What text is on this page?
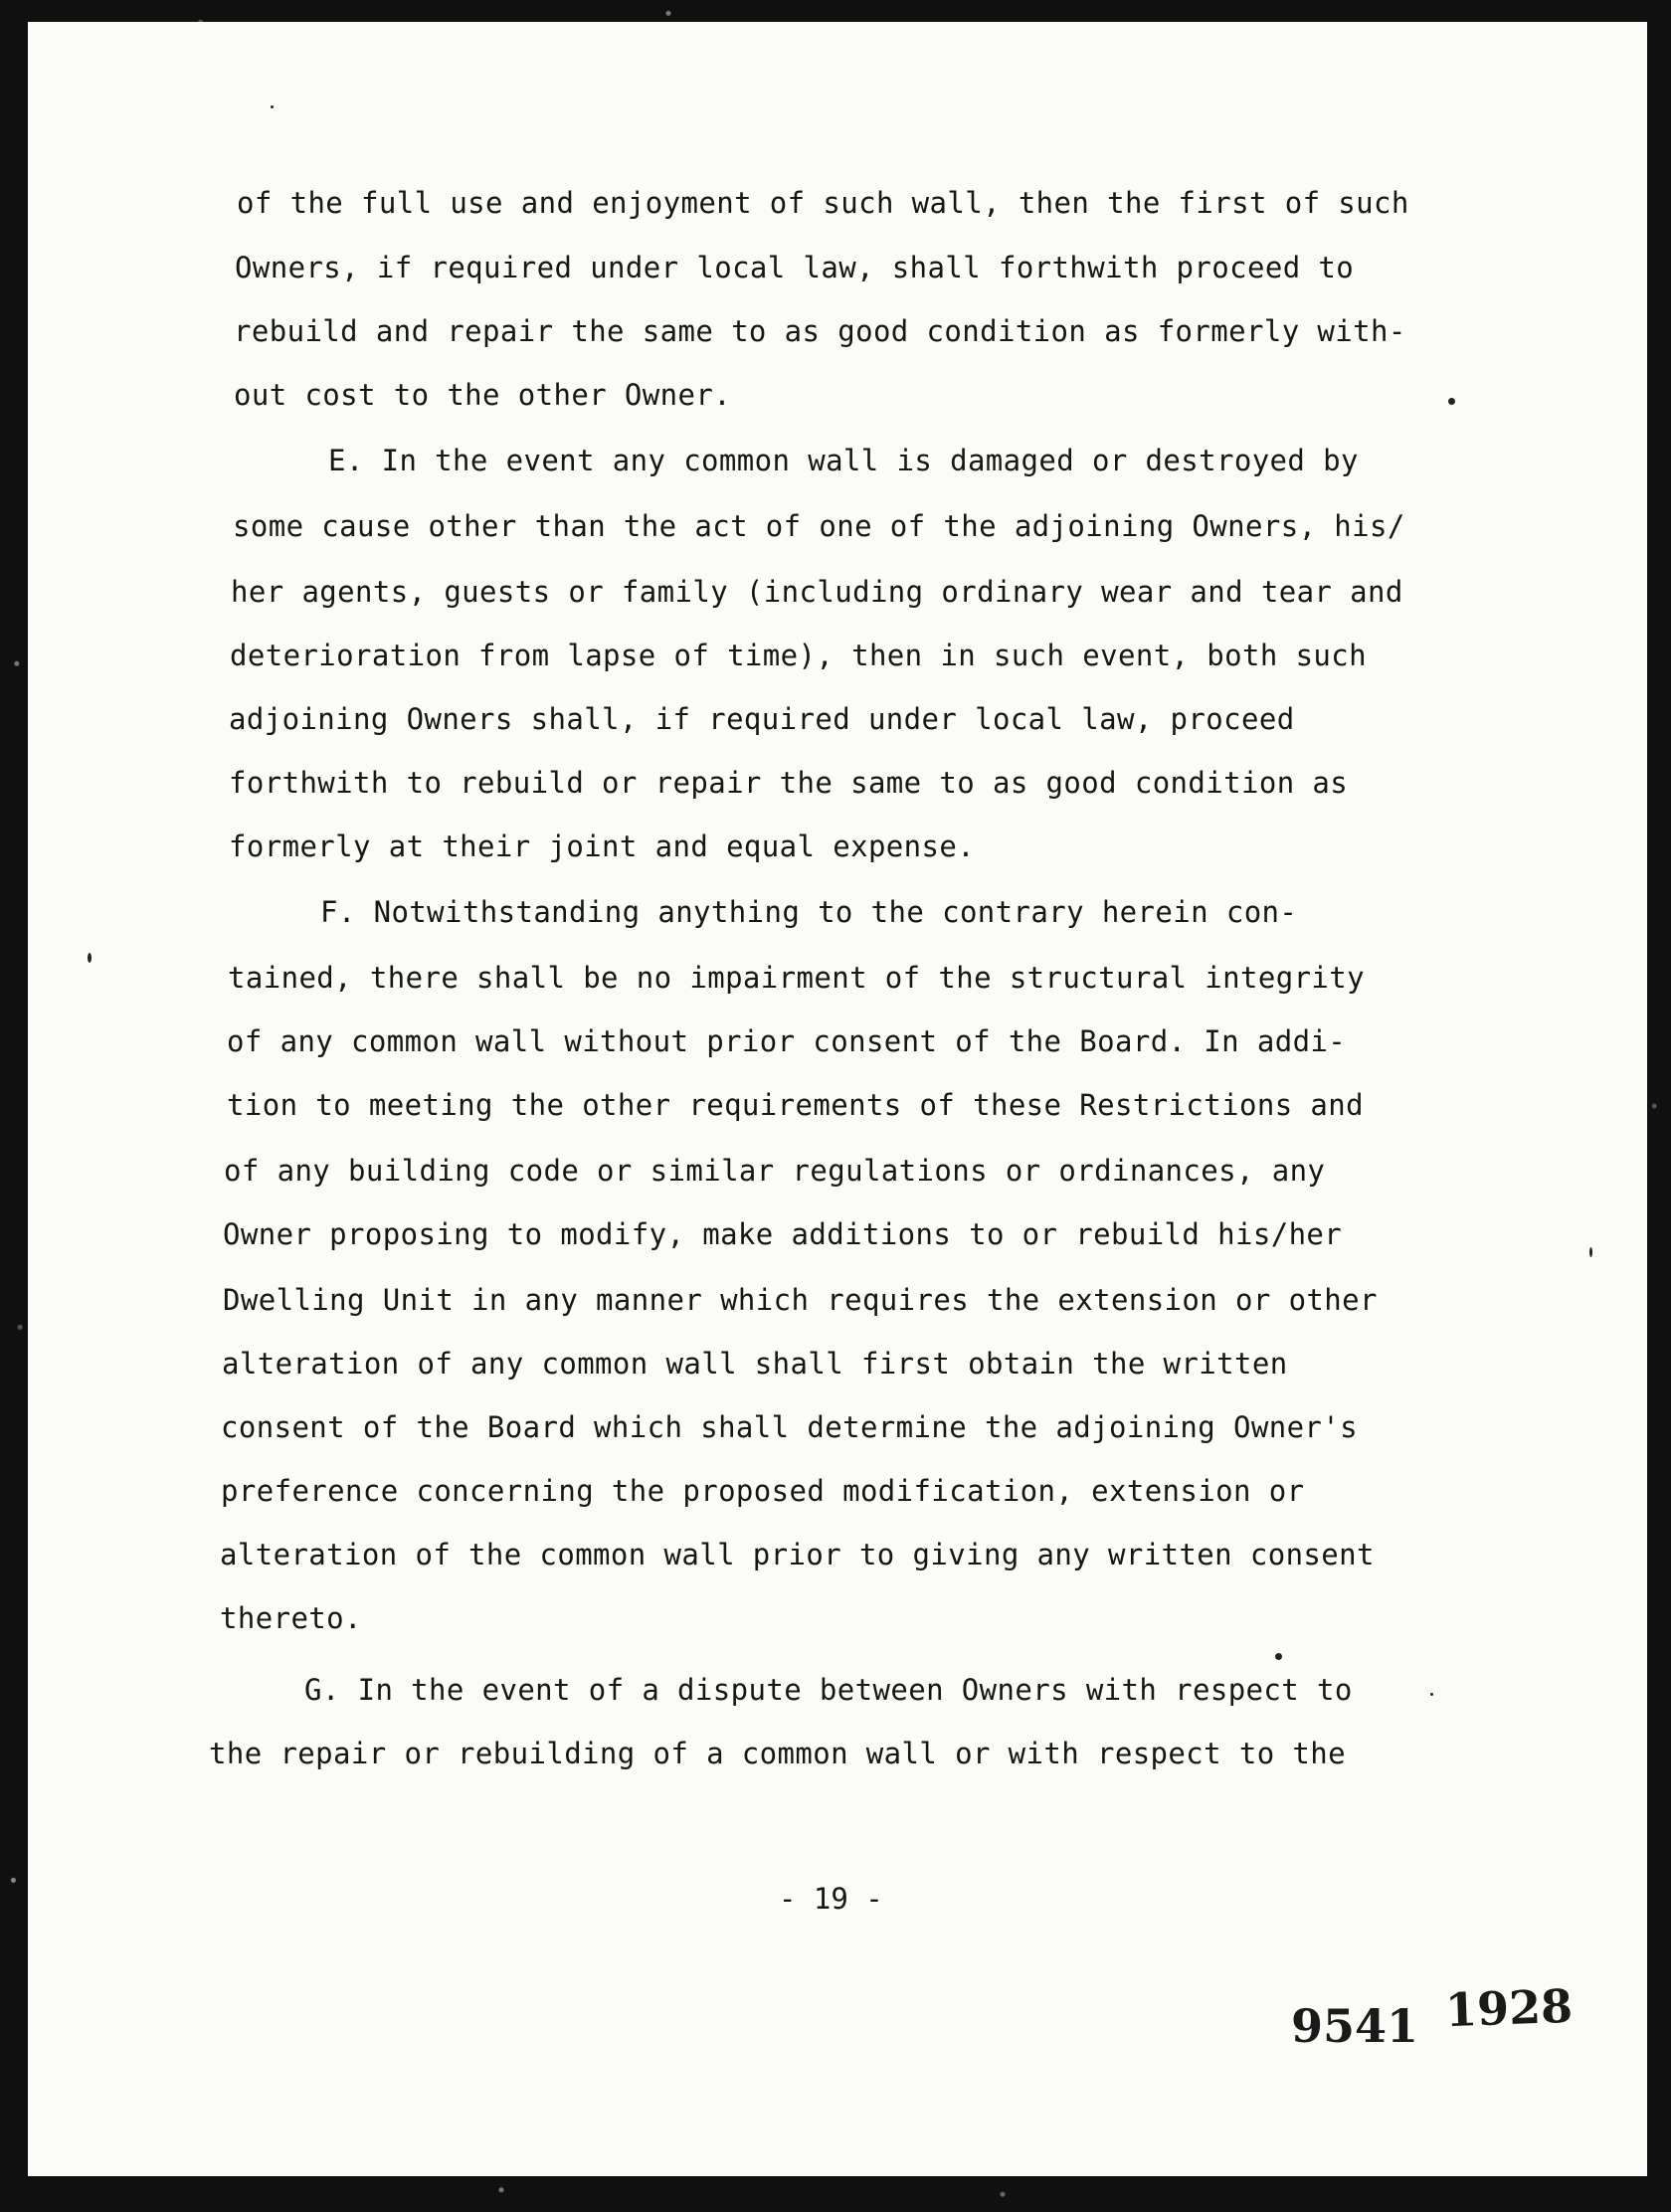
of the full use and enjoyment of such wall, then the first of such
Owners, if required under local law, shall forthwith proceed to
rebuild and repair the same to as good condition as formerly with-
out cost to the other Owner.
E. In the event any common wall is damaged or destroyed by
some cause other than the act of one of the adjoining Owners, his/
her agents, guests or family (including ordinary wear and tear and
deterioration from lapse of time), then in such event, both such
adjoining Owners shall, if required under local law, proceed
forthwith to rebuild or repair the same to as good condition as
formerly at their joint and equal expense.
F. Notwithstanding anything to the contrary herein con-
tained, there shall be no impairment of the structural integrity
of any common wall without prior consent of the Board. In addi-
tion to meeting the other requirements of these Restrictions and
of any building code or similar regulations or ordinances, any
Owner proposing to modify, make additions to or rebuild his/her
Dwelling Unit in any manner which requires the extension or other
alteration of any common wall shall first obtain the written
consent of the Board which shall determine the adjoining Owner's
preference concerning the proposed modification, extension or
alteration of the common wall prior to giving any written consent
thereto.
G. In the event of a dispute between Owners with respect to
the repair or rebuilding of a common wall or with respect to the
- 19 -
9541 1928
